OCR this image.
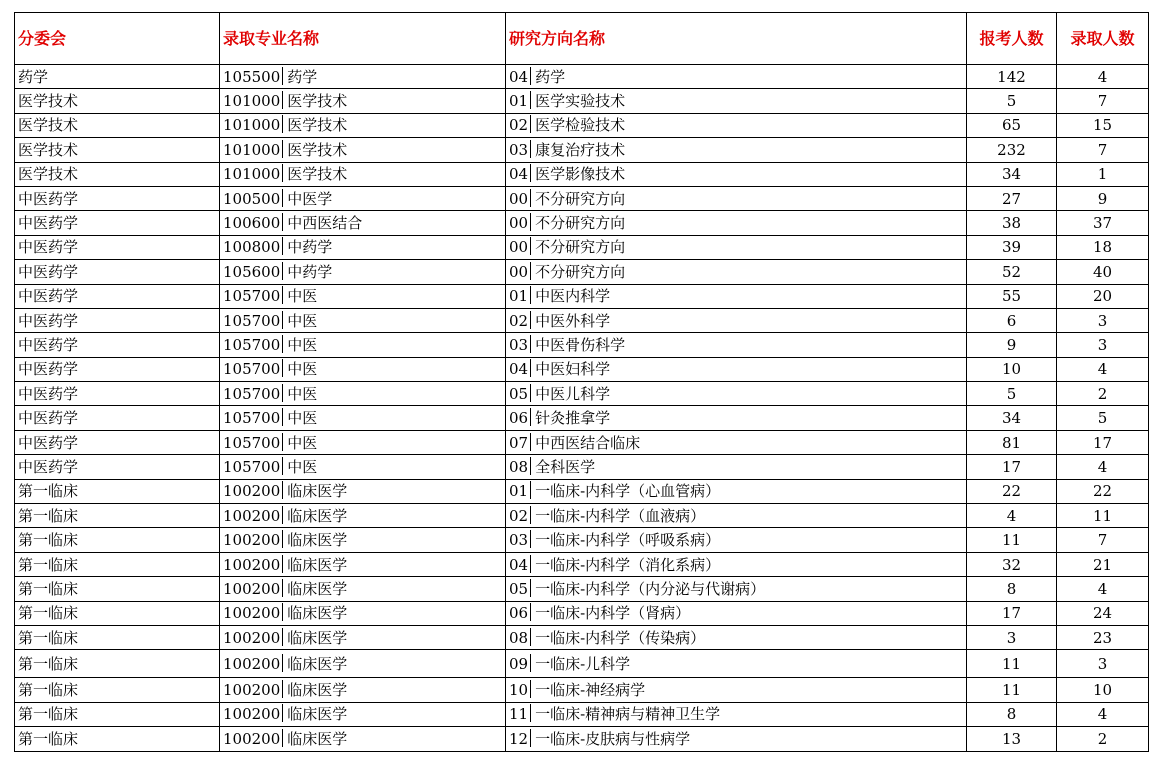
分委会	录取专业名称	研究方向名称	报考人数	录取人数
药学	105500 药学	04 药学	142	4
医学技术	101000 医学技术	01 医学实验技术	5	7
医学技术	101000 医学技术	02 医学检验技术	65	15
医学技术	101000 医学技术	03 康复治疗技术	232	7
医学技术	101000 医学技术	04 医学影像技术	34	1
中医药学	100500 中医学	00 不分研究方向	27	9
中医药学	100600 中西医结合	00 不分研究方向	38	37
中医药学	100800 中药学	00 不分研究方向	39	18
中医药学	105600 中药学	00 不分研究方向	52	40
中医药学	105700 中医	01 中医内科学	55	20
中医药学	105700 中医	02 中医外科学	6	3
中医药学	105700 中医	03 中医骨伤科学	9	3
中医药学	105700 中医	04 中医妇科学	10	4
中医药学	105700 中医	05 中医儿科学	5	2
中医药学	105700 中医	06 针灸推拿学	34	5
中医药学	105700 中医	07 中西医结合临床	81	17
中医药学	105700 中医	08 全科医学	17	4
第一临床	100200 临床医学	01 一临床-内科学（心血管病）	22	22
第一临床	100200 临床医学	02 一临床-内科学（血液病）	4	11
第一临床	100200 临床医学	03 一临床-内科学（呼吸系病）	11	7
第一临床	100200 临床医学	04 一临床-内科学（消化系病）	32	21
第一临床	100200 临床医学	05 一临床-内科学（内分泌与代谢病）	8	4
第一临床	100200 临床医学	06 一临床-内科学（肾病）	17	24
第一临床	100200 临床医学	08 一临床-内科学（传染病）	3	23
第一临床	100200 临床医学	09 一临床-儿科学	11	3
第一临床	100200 临床医学	10 一临床-神经病学	11	10
第一临床	100200 临床医学	11 一临床-精神病与精神卫生学	8	4
第一临床	100200 临床医学	12 一临床-皮肤病与性病学	13	2
